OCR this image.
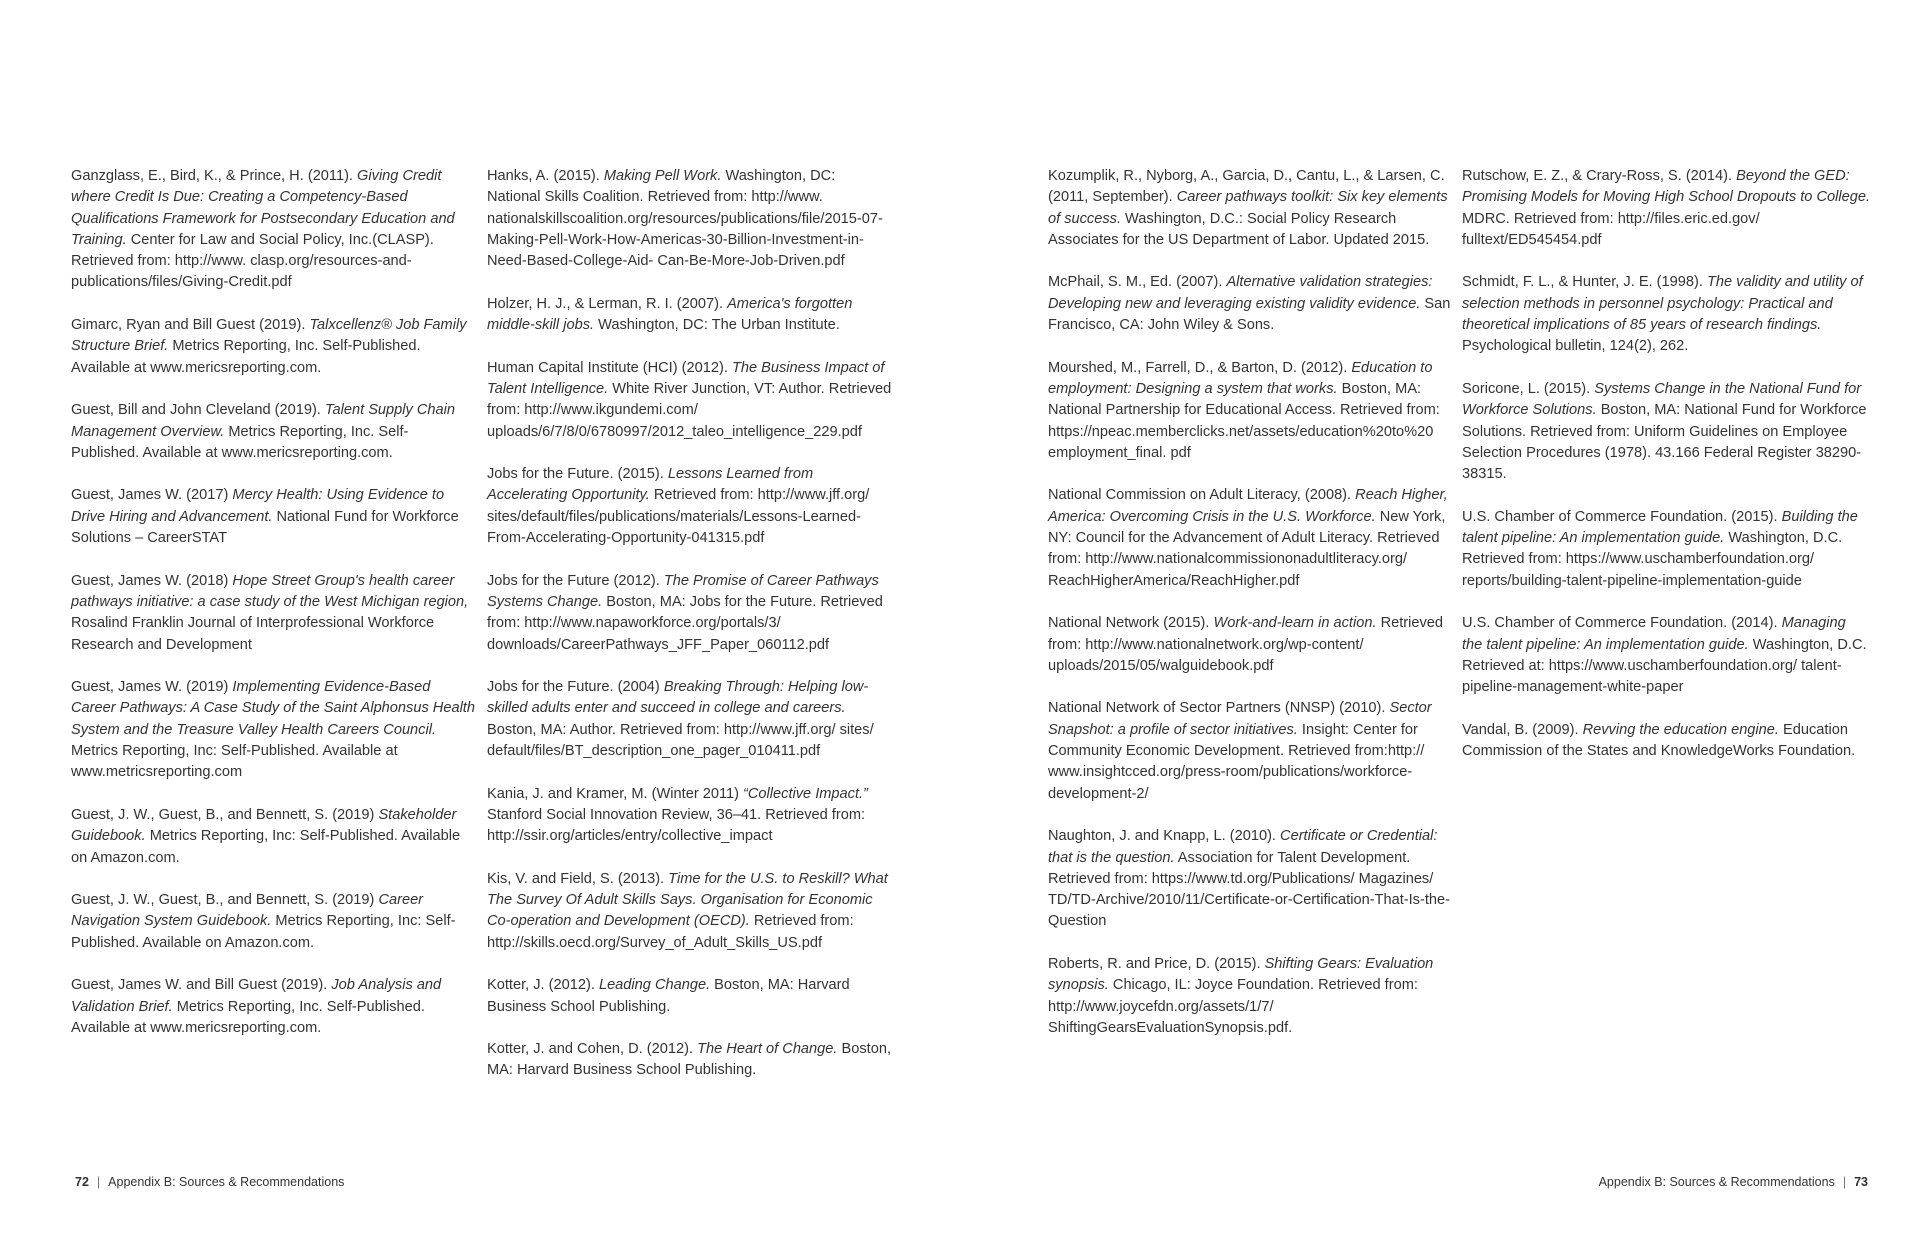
Ganzglass, E., Bird, K., & Prince, H. (2011). Giving Credit where Credit Is Due: Creating a Competency-Based Qualifications Framework for Postsecondary Education and Training. Center for Law and Social Policy, Inc.(CLASP). Retrieved from: http://www. clasp.org/resources-and-publications/files/Giving-Credit.pdf

Gimarc, Ryan and Bill Guest (2019). Talxcellenz® Job Family Structure Brief. Metrics Reporting, Inc. Self-Published. Available at www.mericsreporting.com.

Guest, Bill and John Cleveland (2019). Talent Supply Chain Management Overview. Metrics Reporting, Inc. Self-Published. Available at www.mericsreporting.com.

Guest, James W. (2017) Mercy Health: Using Evidence to Drive Hiring and Advancement. National Fund for Workforce Solutions – CareerSTAT

Guest, James W. (2018) Hope Street Group's health career pathways initiative: a case study of the West Michigan region, Rosalind Franklin Journal of Interprofessional Workforce Research and Development

Guest, James W. (2019) Implementing Evidence-Based Career Pathways: A Case Study of the Saint Alphonsus Health System and the Treasure Valley Health Careers Council. Metrics Reporting, Inc: Self-Published. Available at www.metricsreporting.com

Guest, J. W., Guest, B., and Bennett, S. (2019) Stakeholder Guidebook. Metrics Reporting, Inc: Self-Published. Available on Amazon.com.

Guest, J. W., Guest, B., and Bennett, S. (2019) Career Navigation System Guidebook. Metrics Reporting, Inc: Self-Published. Available on Amazon.com.

Guest, James W. and Bill Guest (2019). Job Analysis and Validation Brief. Metrics Reporting, Inc. Self-Published. Available at www.mericsreporting.com.

Hanks, A. (2015). Making Pell Work. Washington, DC: National Skills Coalition. Retrieved from: http://www. nationalskillscoalition.org/resources/publications/file/2015-07- Making-Pell-Work-How-Americas-30-Billion-Investment-in-Need-Based-College-Aid- Can-Be-More-Job-Driven.pdf

Holzer, H. J., & Lerman, R. I. (2007). America's forgotten middle-skill jobs. Washington, DC: The Urban Institute.

Human Capital Institute (HCI) (2012). The Business Impact of Talent Intelligence. White River Junction, VT: Author. Retrieved from: http://www.ikgundemi.com/ uploads/6/7/8/0/6780997/2012_taleo_intelligence_229.pdf

Jobs for the Future. (2015). Lessons Learned from Accelerating Opportunity. Retrieved from: http://www.jff.org/ sites/default/files/publications/materials/Lessons-Learned-From-Accelerating-Opportunity-041315.pdf

Jobs for the Future (2012). The Promise of Career Pathways Systems Change. Boston, MA: Jobs for the Future. Retrieved from: http://www.napaworkforce.org/portals/3/ downloads/CareerPathways_JFF_Paper_060112.pdf

Jobs for the Future. (2004) Breaking Through: Helping low-skilled adults enter and succeed in college and careers. Boston, MA: Author. Retrieved from: http://www.jff.org/ sites/ default/files/BT_description_one_pager_010411.pdf

Kania, J. and Kramer, M. (Winter 2011) “Collective Impact.” Stanford Social Innovation Review, 36–41. Retrieved from: http://ssir.org/articles/entry/collective_impact

Kis, V. and Field, S. (2013). Time for the U.S. to Reskill? What The Survey Of Adult Skills Says. Organisation for Economic Co-operation and Development (OECD). Retrieved from: http://skills.oecd.org/Survey_of_Adult_Skills_US.pdf

Kotter, J. (2012). Leading Change. Boston, MA: Harvard Business School Publishing.

Kotter, J. and Cohen, D. (2012). The Heart of Change. Boston, MA: Harvard Business School Publishing.

72 | Appendix B: Sources & Recommendations

Kozumplik, R., Nyborg, A., Garcia, D., Cantu, L., & Larsen, C. (2011, September). Career pathways toolkit: Six key elements of success. Washington, D.C.: Social Policy Research Associates for the US Department of Labor. Updated 2015.

McPhail, S. M., Ed. (2007). Alternative validation strategies: Developing new and leveraging existing validity evidence. San Francisco, CA: John Wiley & Sons.

Mourshed, M., Farrell, D., & Barton, D. (2012). Education to employment: Designing a system that works. Boston, MA: National Partnership for Educational Access. Retrieved from: https://npeac.memberclicks.net/assets/education%20to%20 employment_final. pdf

National Commission on Adult Literacy, (2008). Reach Higher, America: Overcoming Crisis in the U.S. Workforce. New York, NY: Council for the Advancement of Adult Literacy. Retrieved from: http://www.nationalcommissiononadultliteracy.org/ ReachHigherAmerica/ReachHigher.pdf

National Network (2015). Work-and-learn in action. Retrieved from: http://www.nationalnetwork.org/wp-content/ uploads/2015/05/walguidebook.pdf

National Network of Sector Partners (NNSP) (2010). Sector Snapshot: a profile of sector initiatives. Insight: Center for Community Economic Development. Retrieved from:http:// www.insightcced.org/press-room/publications/workforce-development-2/

Naughton, J. and Knapp, L. (2010). Certificate or Credential: that is the question. Association for Talent Development. Retrieved from: https://www.td.org/Publications/ Magazines/ TD/TD-Archive/2010/11/Certificate-or-Certification-That-Is-the-Question

Roberts, R. and Price, D. (2015). Shifting Gears: Evaluation synopsis. Chicago, IL: Joyce Foundation. Retrieved from: http://www.joycefdn.org/assets/1/7/ ShiftingGearsEvaluationSynopsis.pdf.

Rutschow, E. Z., & Crary-Ross, S. (2014). Beyond the GED: Promising Models for Moving High School Dropouts to College. MDRC. Retrieved from: http://files.eric.ed.gov/ fulltext/ED545454.pdf

Schmidt, F. L., & Hunter, J. E. (1998). The validity and utility of selection methods in personnel psychology: Practical and theoretical implications of 85 years of research findings. Psychological bulletin, 124(2), 262.

Soricone, L. (2015). Systems Change in the National Fund for Workforce Solutions. Boston, MA: National Fund for Workforce Solutions. Retrieved from: Uniform Guidelines on Employee Selection Procedures (1978). 43.166 Federal Register 38290-38315.

U.S. Chamber of Commerce Foundation. (2015). Building the talent pipeline: An implementation guide. Washington, D.C. Retrieved from: https://www.uschamberfoundation.org/ reports/building-talent-pipeline-implementation-guide

U.S. Chamber of Commerce Foundation. (2014). Managing the talent pipeline: An implementation guide. Washington, D.C. Retrieved at: https://www.uschamberfoundation.org/ talent-pipeline-management-white-paper

Vandal, B. (2009). Revving the education engine. Education Commission of the States and KnowledgeWorks Foundation.

Appendix B: Sources & Recommendations | 73
